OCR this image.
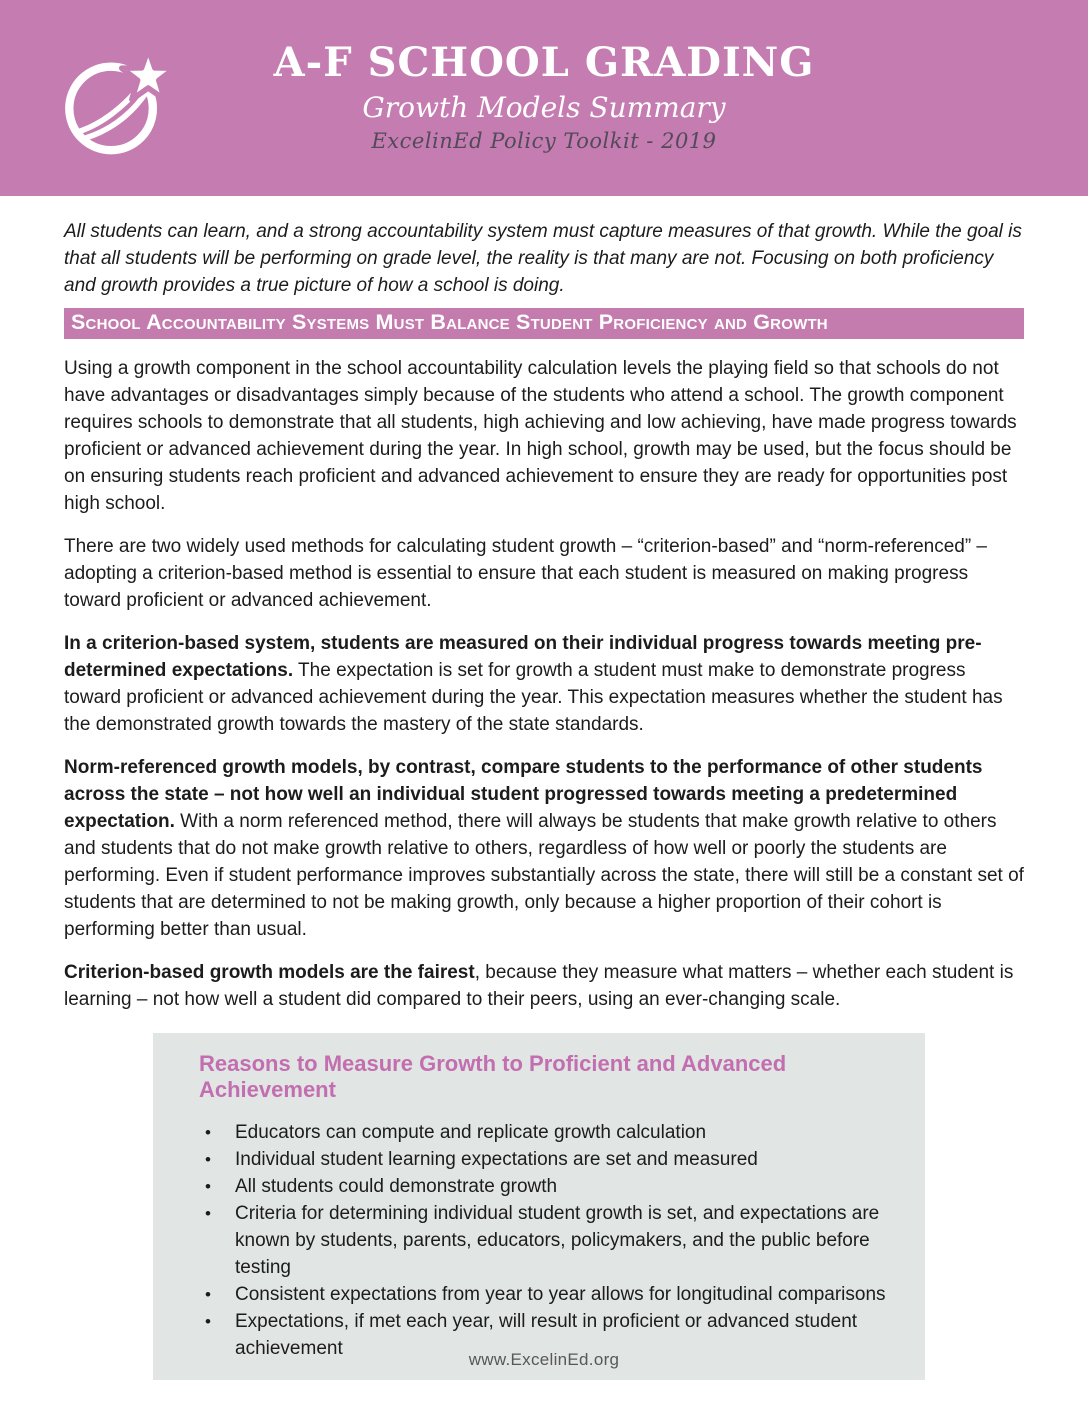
A-F SCHOOL GRADING
Growth Models Summary
ExcelinEd Policy Toolkit - 2019

All students can learn, and a strong accountability system must capture measures of that growth. While the goal is that all students will be performing on grade level, the reality is that many are not. Focusing on both proficiency and growth provides a true picture of how a school is doing.

School Accountability Systems Must Balance Student Proficiency and Growth

Using a growth component in the school accountability calculation levels the playing field so that schools do not have advantages or disadvantages simply because of the students who attend a school. The growth component requires schools to demonstrate that all students, high achieving and low achieving, have made progress towards proficient or advanced achievement during the year. In high school, growth may be used, but the focus should be on ensuring students reach proficient and advanced achievement to ensure they are ready for opportunities post high school.

There are two widely used methods for calculating student growth – “criterion-based” and “norm-referenced” – adopting a criterion-based method is essential to ensure that each student is measured on making progress toward proficient or advanced achievement.

In a criterion-based system, students are measured on their individual progress towards meeting pre-determined expectations. The expectation is set for growth a student must make to demonstrate progress toward proficient or advanced achievement during the year. This expectation measures whether the student has the demonstrated growth towards the mastery of the state standards.

Norm-referenced growth models, by contrast, compare students to the performance of other students across the state – not how well an individual student progressed towards meeting a predetermined expectation. With a norm referenced method, there will always be students that make growth relative to others and students that do not make growth relative to others, regardless of how well or poorly the students are performing. Even if student performance improves substantially across the state, there will still be a constant set of students that are determined to not be making growth, only because a higher proportion of their cohort is performing better than usual.

Criterion-based growth models are the fairest, because they measure what matters – whether each student is learning – not how well a student did compared to their peers, using an ever-changing scale.

Reasons to Measure Growth to Proficient and Advanced Achievement
• Educators can compute and replicate growth calculation
• Individual student learning expectations are set and measured
• All students could demonstrate growth
• Criteria for determining individual student growth is set, and expectations are known by students, parents, educators, policymakers, and the public before testing
• Consistent expectations from year to year allows for longitudinal comparisons
• Expectations, if met each year, will result in proficient or advanced student achievement
www.ExcelinEd.org
